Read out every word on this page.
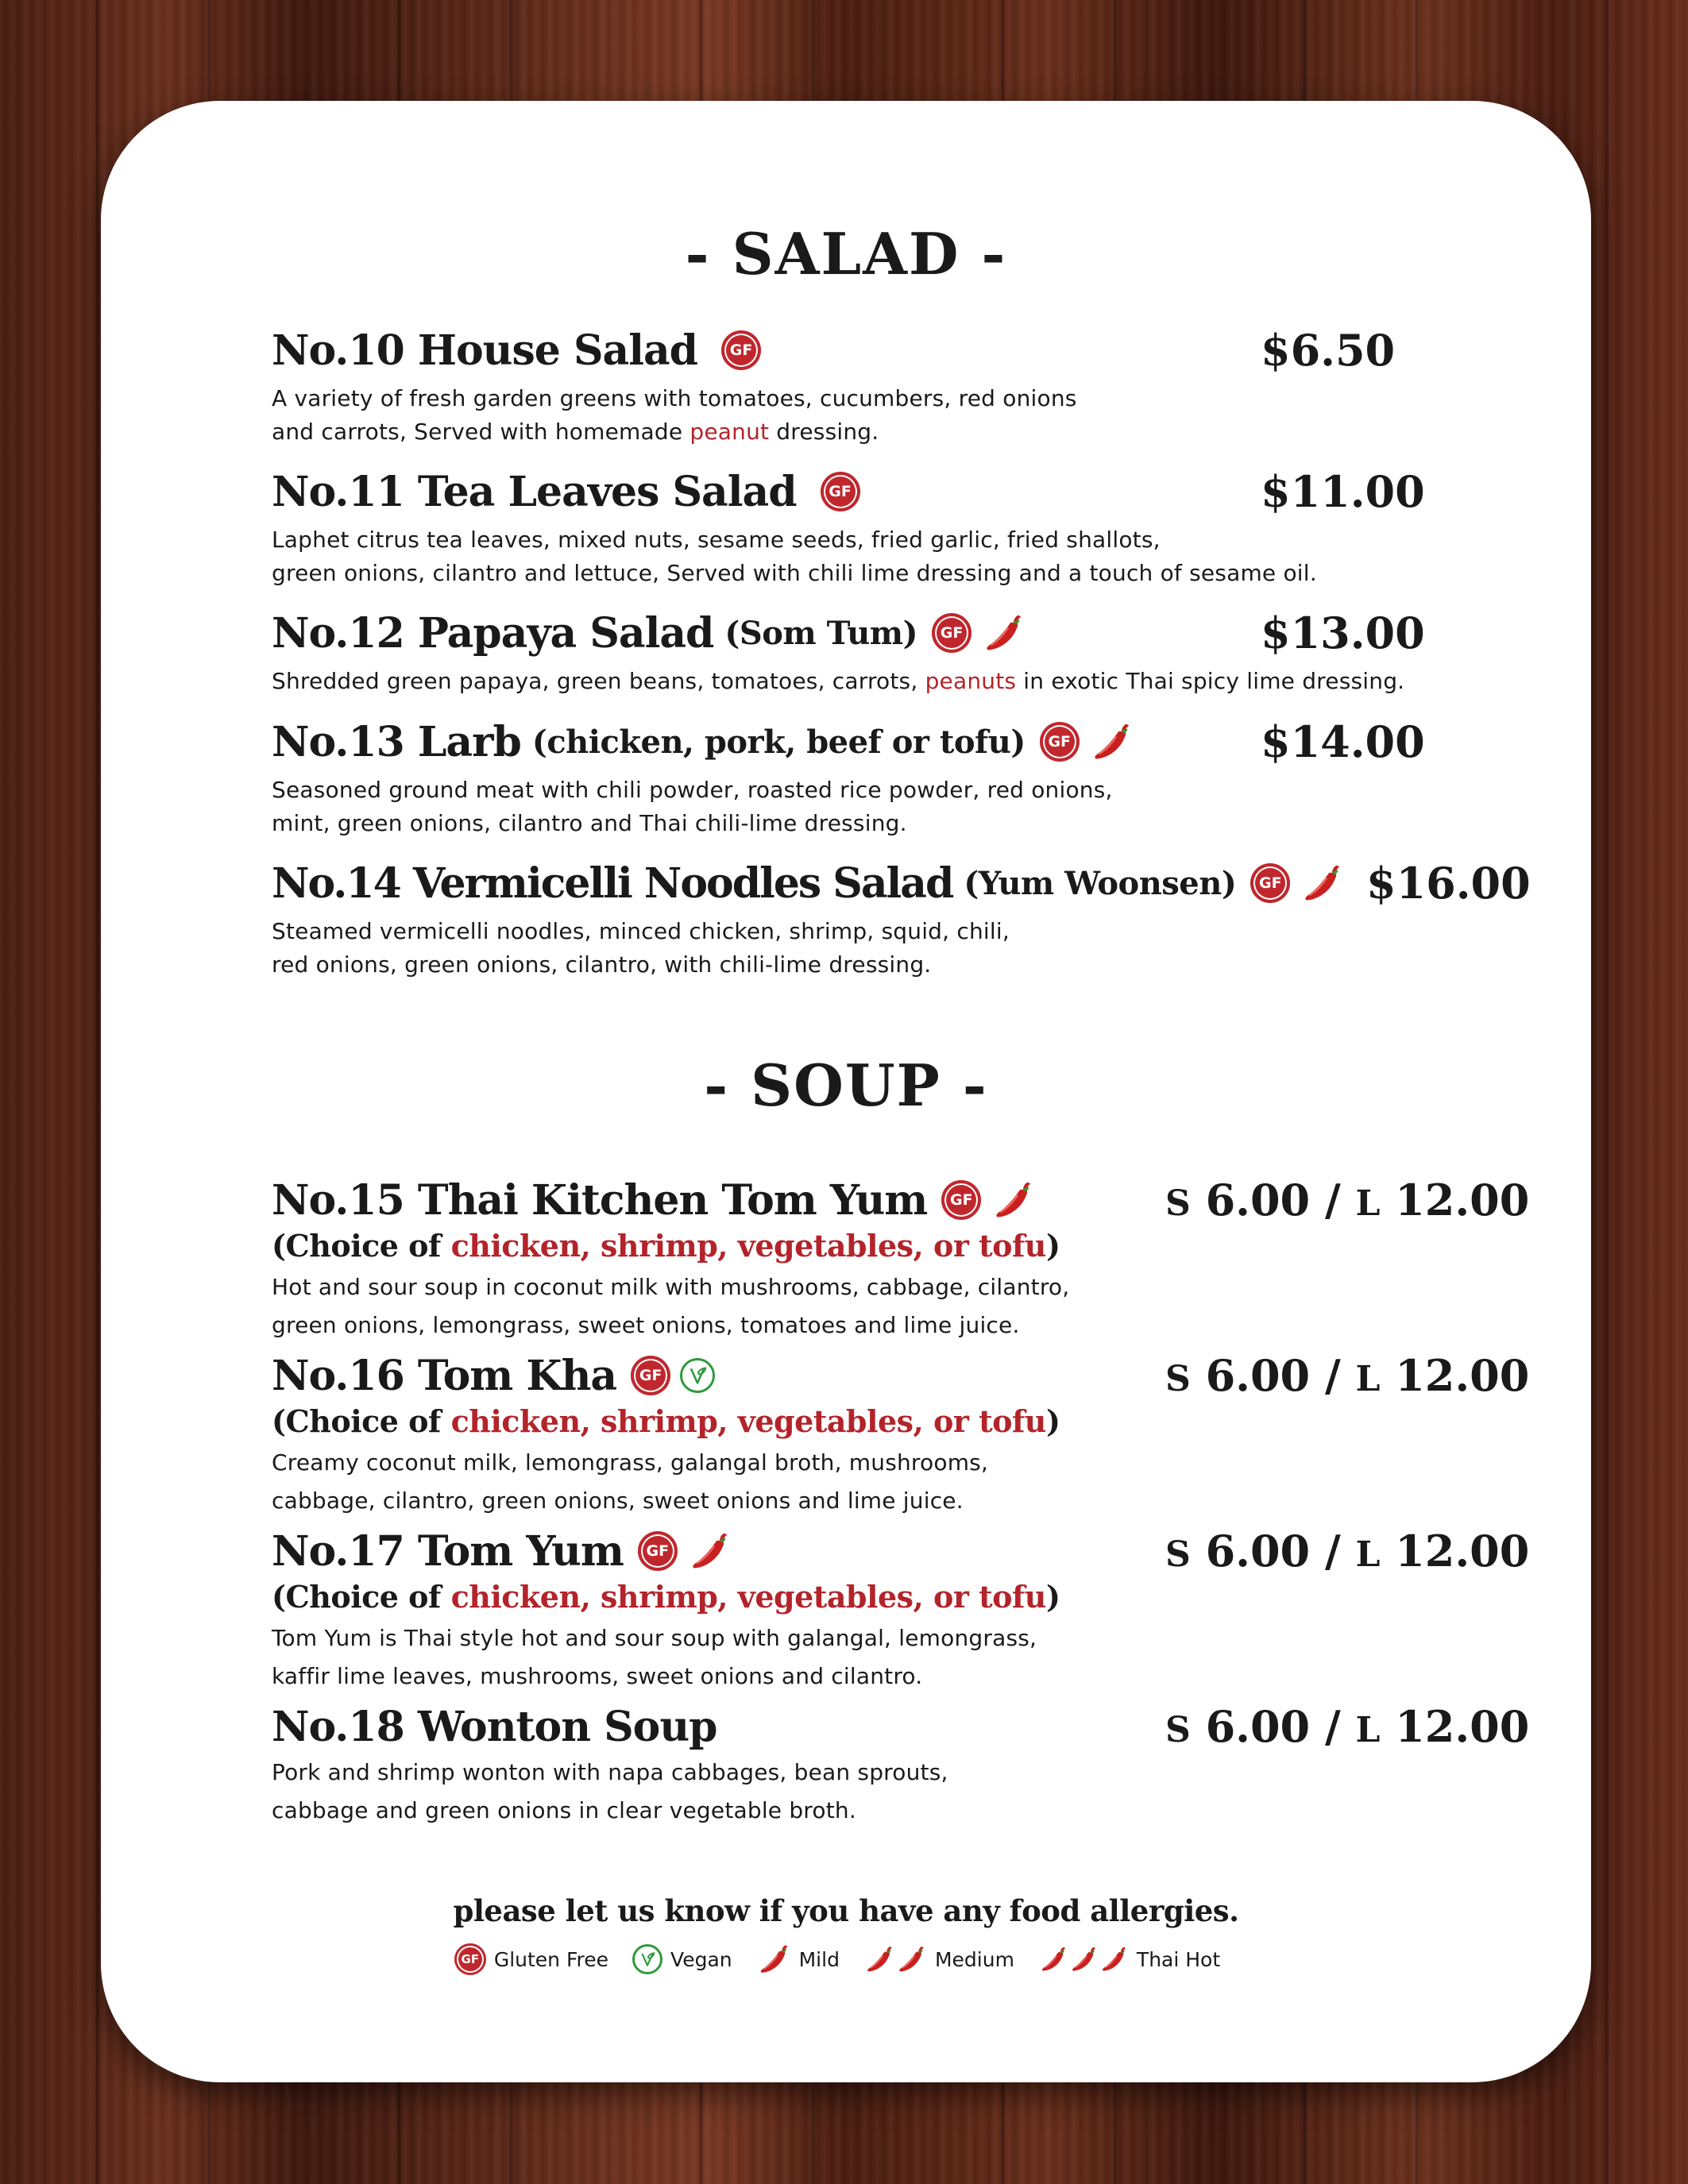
- SALAD -
No.10 House Salad	GF	$6.50
A variety of fresh garden greens with tomatoes, cucumbers, red onions
and carrots, Served with homemade peanut dressing.
No.11 Tea Leaves Salad	GF	$11.00
Laphet citrus tea leaves, mixed nuts, sesame seeds, fried garlic, fried shallots,
green onions, cilantro and lettuce, Served with chili lime dressing and a touch of sesame oil.
No.12 Papaya Salad (Som Tum)	GF	$13.00
Shredded green papaya, green beans, tomatoes, carrots, peanuts in exotic Thai spicy lime dressing.
No.13 Larb (chicken, pork, beef or tofu)	GF	$14.00
Seasoned ground meat with chili powder, roasted rice powder, red onions,
mint, green onions, cilantro and Thai chili-lime dressing.
No.14 Vermicelli Noodles Salad (Yum Woonsen)	GF $16.00
Steamed vermicelli noodles, minced chicken, shrimp, squid, chili,
red onions, green onions, cilantro, with chili-lime dressing.
- SOUP -
No.15 Thai Kitchen Tom Yum	GF	S 6.00 / L 12.00
(Choice of chicken, shrimp, vegetables, or tofu)
Hot and sour soup in coconut milk with mushrooms, cabbage, cilantro,
green onions, lemongrass, sweet onions, tomatoes and lime juice.
No.16 Tom Kha	GF	S 6.00 / L 12.00
(Choice of chicken, shrimp, vegetables, or tofu)
Creamy coconut milk, lemongrass, galangal broth, mushrooms,
cabbage, cilantro, green onions, sweet onions and lime juice.
No.17 Tom Yum	GF	S 6.00 / L 12.00
(Choice of chicken, shrimp, vegetables, or tofu)
Tom Yum is Thai style hot and sour soup with galangal, lemongrass,
kaffir lime leaves, mushrooms, sweet onions and cilantro.
No.18 Wonton Soup	S 6.00 / L 12.00
Pork and shrimp wonton with napa cabbages, bean sprouts,
cabbage and green onions in clear vegetable broth.
please let us know if you have any food allergies.
GF Gluten Free	Vegan	Mild	Medium	Thai Hot
